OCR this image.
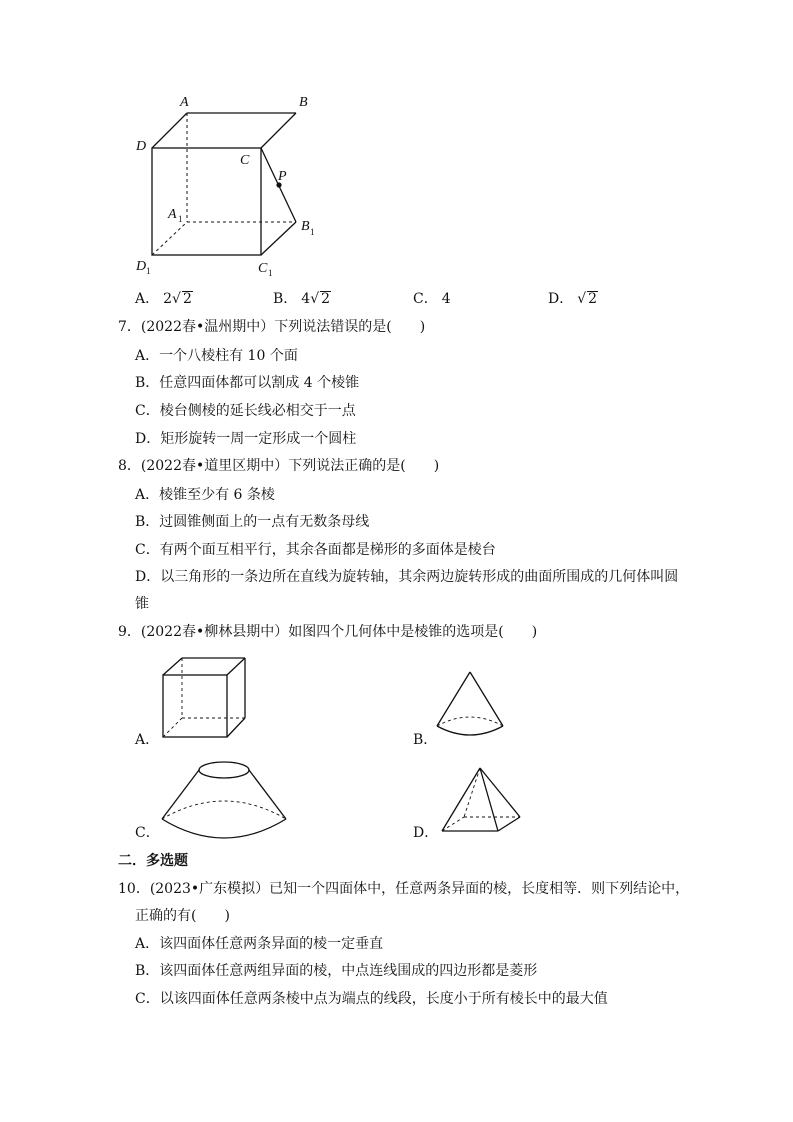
A	B
D
C
P
A 1	B 1
D 1	C 1
A． 2√ 2	B． 4√ 2	C． 4	D． √ 2
7．(2022春•温州期中）下列说法错误的是(　　)
A．一个八棱柱有 10 个面
B．任意四面体都可以割成 4 个棱锥
C．棱台侧棱的延长线必相交于一点
D．矩形旋转一周一定形成一个圆柱
8．(2022春•道里区期中）下列说法正确的是(　　)
A．棱锥至少有 6 条棱
B．过圆锥侧面上的一点有无数条母线
C．有两个面互相平行，其余各面都是梯形的多面体是棱台
D．以三角形的一条边所在直线为旋转轴，其余两边旋转形成的曲面所围成的几何体叫圆
锥
9．(2022春•柳林县期中）如图四个几何体中是棱锥的选项是(　　)
A．	B．
C．	D．
二．多选题
10．(2023•广东模拟）已知一个四面体中，任意两条异面的棱，长度相等．则下列结论中，
正确的有(　　)
A．该四面体任意两条异面的棱一定垂直
B．该四面体任意两组异面的棱，中点连线围成的四边形都是菱形
C．以该四面体任意两条棱中点为端点的线段，长度小于所有棱长中的最大值
